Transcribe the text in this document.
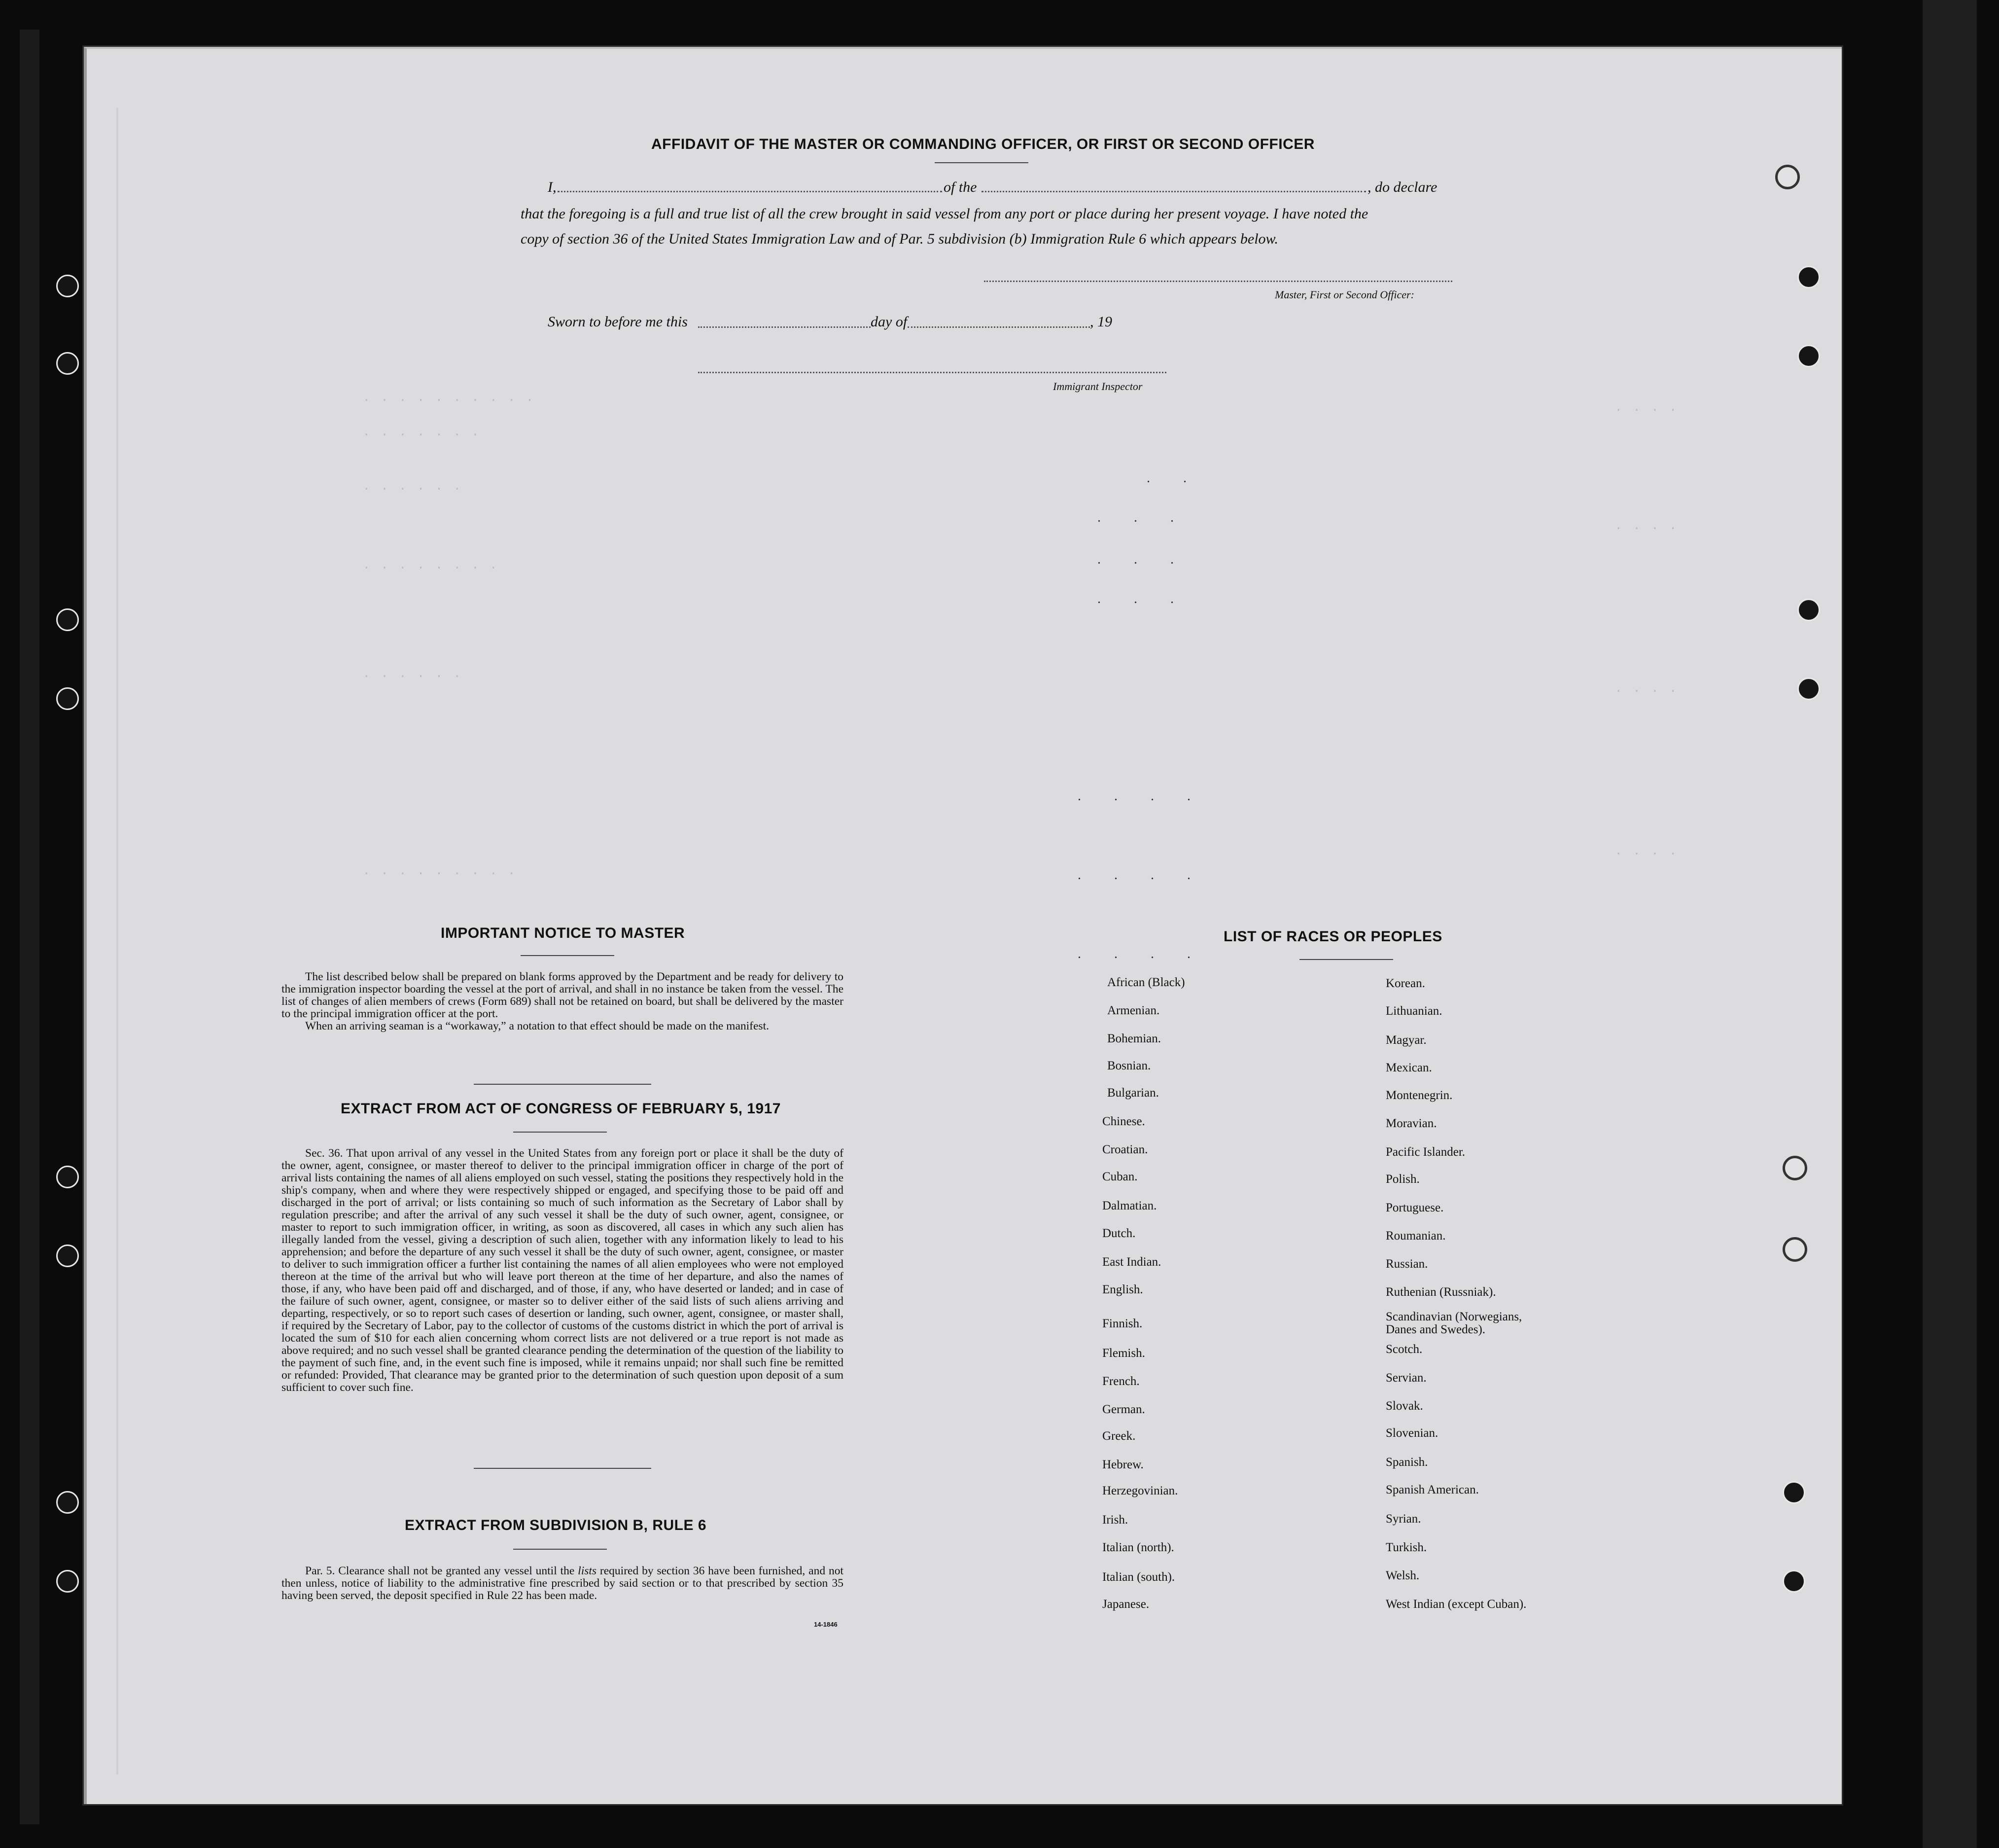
· · · · · · · · · ·
· · · · · · ·
· · · · · ·
· · · · · · · ·
· · · · · ·
· · · · · · · · ·
· · · ·
· · · ·
· · · ·
· · · ·
. .
. . .
. . .
. . .
. . . .
. . . .
. . . .
AFFIDAVIT OF THE MASTER OR COMMANDING OFFICER, OR FIRST OR SECOND OFFICER
I,	of the	, do declare
that the foregoing is a full and true list of all the crew brought in said vessel from any port or place during her present voyage. I have noted the
copy of section 36 of the United States Immigration Law and of Par. 5 subdivision (b) Immigration Rule 6 which appears below.
Master, First or Second Officer:
Sworn to before me this	day of	, 19
Immigrant Inspector
IMPORTANT NOTICE TO MASTER

The list described below shall be prepared on blank forms approved by the Department and be ready for delivery to the immigration inspector boarding the vessel at the port of arrival, and shall in no instance be taken from the vessel. The list of changes of alien members of crews (Form 689) shall not be retained on board, but shall be delivered by the master to the principal immigration officer at the port.

When an arriving seaman is a “workaway,” a notation to that effect should be made on the manifest.

EXTRACT FROM ACT OF CONGRESS OF FEBRUARY 5, 1917

Sec. 36. That upon arrival of any vessel in the United States from any foreign port or place it shall be the duty of the owner, agent, consignee, or master thereof to deliver to the principal immigration officer in charge of the port of arrival lists containing the names of all aliens employed on such vessel, stating the positions they respectively hold in the ship's company, when and where they were respectively shipped or engaged, and specifying those to be paid off and discharged in the port of arrival; or lists containing so much of such information as the Secretary of Labor shall by regulation prescribe; and after the arrival of any such vessel it shall be the duty of such owner, agent, consignee, or master to report to such immigration officer, in writing, as soon as discovered, all cases in which any such alien has illegally landed from the vessel, giving a description of such alien, together with any information likely to lead to his apprehension; and before the departure of any such vessel it shall be the duty of such owner, agent, consignee, or master to deliver to such immigration officer a further list containing the names of all alien employees who were not employed thereon at the time of the arrival but who will leave port thereon at the time of her departure, and also the names of those, if any, who have been paid off and discharged, and of those, if any, who have deserted or landed; and in case of the failure of such owner, agent, consignee, or master so to deliver either of the said lists of such aliens arriving and departing, respectively, or so to report such cases of desertion or landing, such owner, agent, consignee, or master shall, if required by the Secretary of Labor, pay to the collector of customs of the customs district in which the port of arrival is located the sum of $10 for each alien concerning whom correct lists are not delivered or a true report is not made as above required; and no such vessel shall be granted clearance pending the determination of the question of the liability to the payment of such fine, and, in the event such fine is imposed, while it remains unpaid; nor shall such fine be remitted or refunded: Provided, That clearance may be granted prior to the determination of such question upon deposit of a sum sufficient to cover such fine.

EXTRACT FROM SUBDIVISION B, RULE 6

Par. 5. Clearance shall not be granted any vessel until the lists required by section 36 have been furnished, and not then unless, notice of liability to the administrative fine prescribed by said section or to that prescribed by section 35 having been served, the deposit specified in Rule 22 has been made.

14-1846
LIST OF RACES OR PEOPLES
Danes and Swedes).
African (Black)
Armenian.
Bohemian.
Bosnian.
Bulgarian.
Chinese.
Croatian.
Cuban.
Dalmatian.
Dutch.
East Indian.
English.
Finnish.
Flemish.
French.
German.
Greek.
Hebrew.
Herzegovinian.
Irish.
Italian (north).
Italian (south).
Japanese.
Korean.
Lithuanian.
Magyar.
Mexican.
Montenegrin.
Moravian.
Pacific Islander.
Polish.
Portuguese.
Roumanian.
Russian.
Ruthenian (Russniak).
Scandinavian (Norwegians,
Scotch.
Servian.
Slovak.
Slovenian.
Spanish.
Spanish American.
Syrian.
Turkish.
Welsh.
West Indian (except Cuban).
